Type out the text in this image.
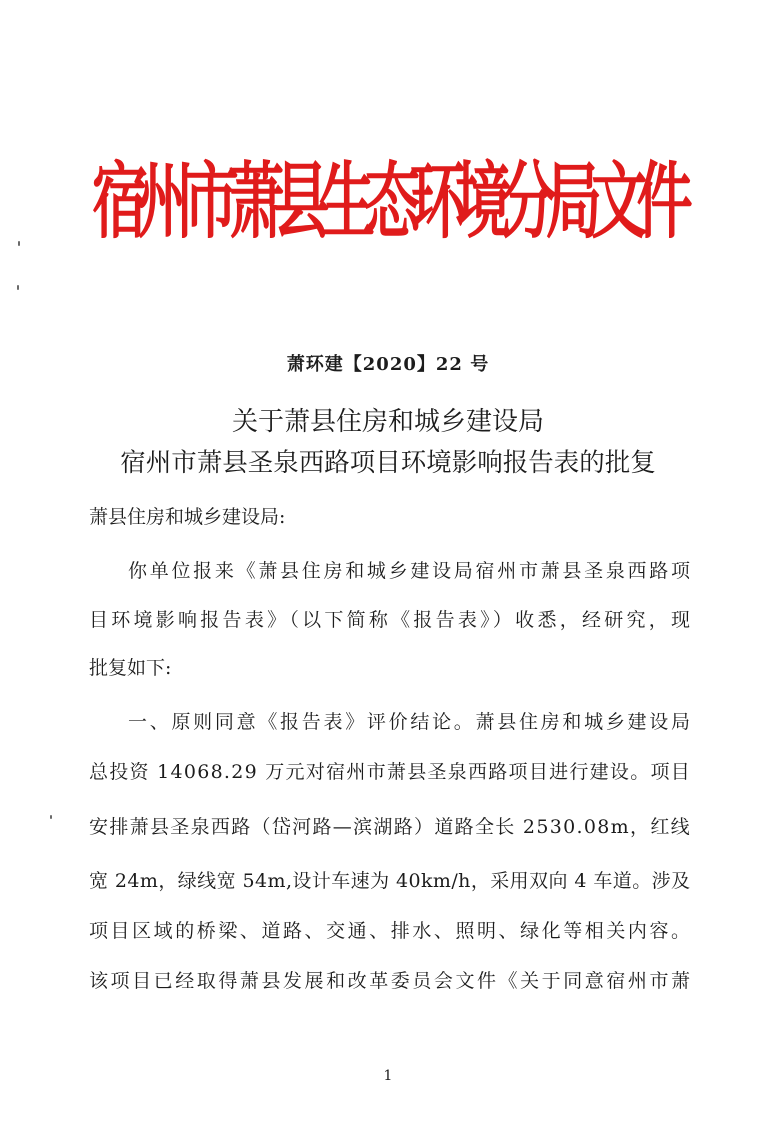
宿州市萧县生态环境分局文件

萧环建【2020】22 号

关于萧县住房和城乡建设局
宿州市萧县圣泉西路项目环境影响报告表的批复

萧县住房和城乡建设局:

你单位报来《萧县住房和城乡建设局宿州市萧县圣泉西路项

目环境影响报告表》（以下简称《报告表》）收悉，经研究，现

批复如下:

一、原则同意《报告表》评价结论。萧县住房和城乡建设局

总投资 14068.29 万元对宿州市萧县圣泉西路项目进行建设。项目

安排萧县圣泉西路（岱河路—滨湖路）道路全长 2530.08m，红线

宽 24m，绿线宽 54m,设计车速为 40km/h，采用双向 4 车道。涉及

项目区域的桥梁、道路、交通、排水、照明、绿化等相关内容。

该项目已经取得萧县发展和改革委员会文件《关于同意宿州市萧

1
